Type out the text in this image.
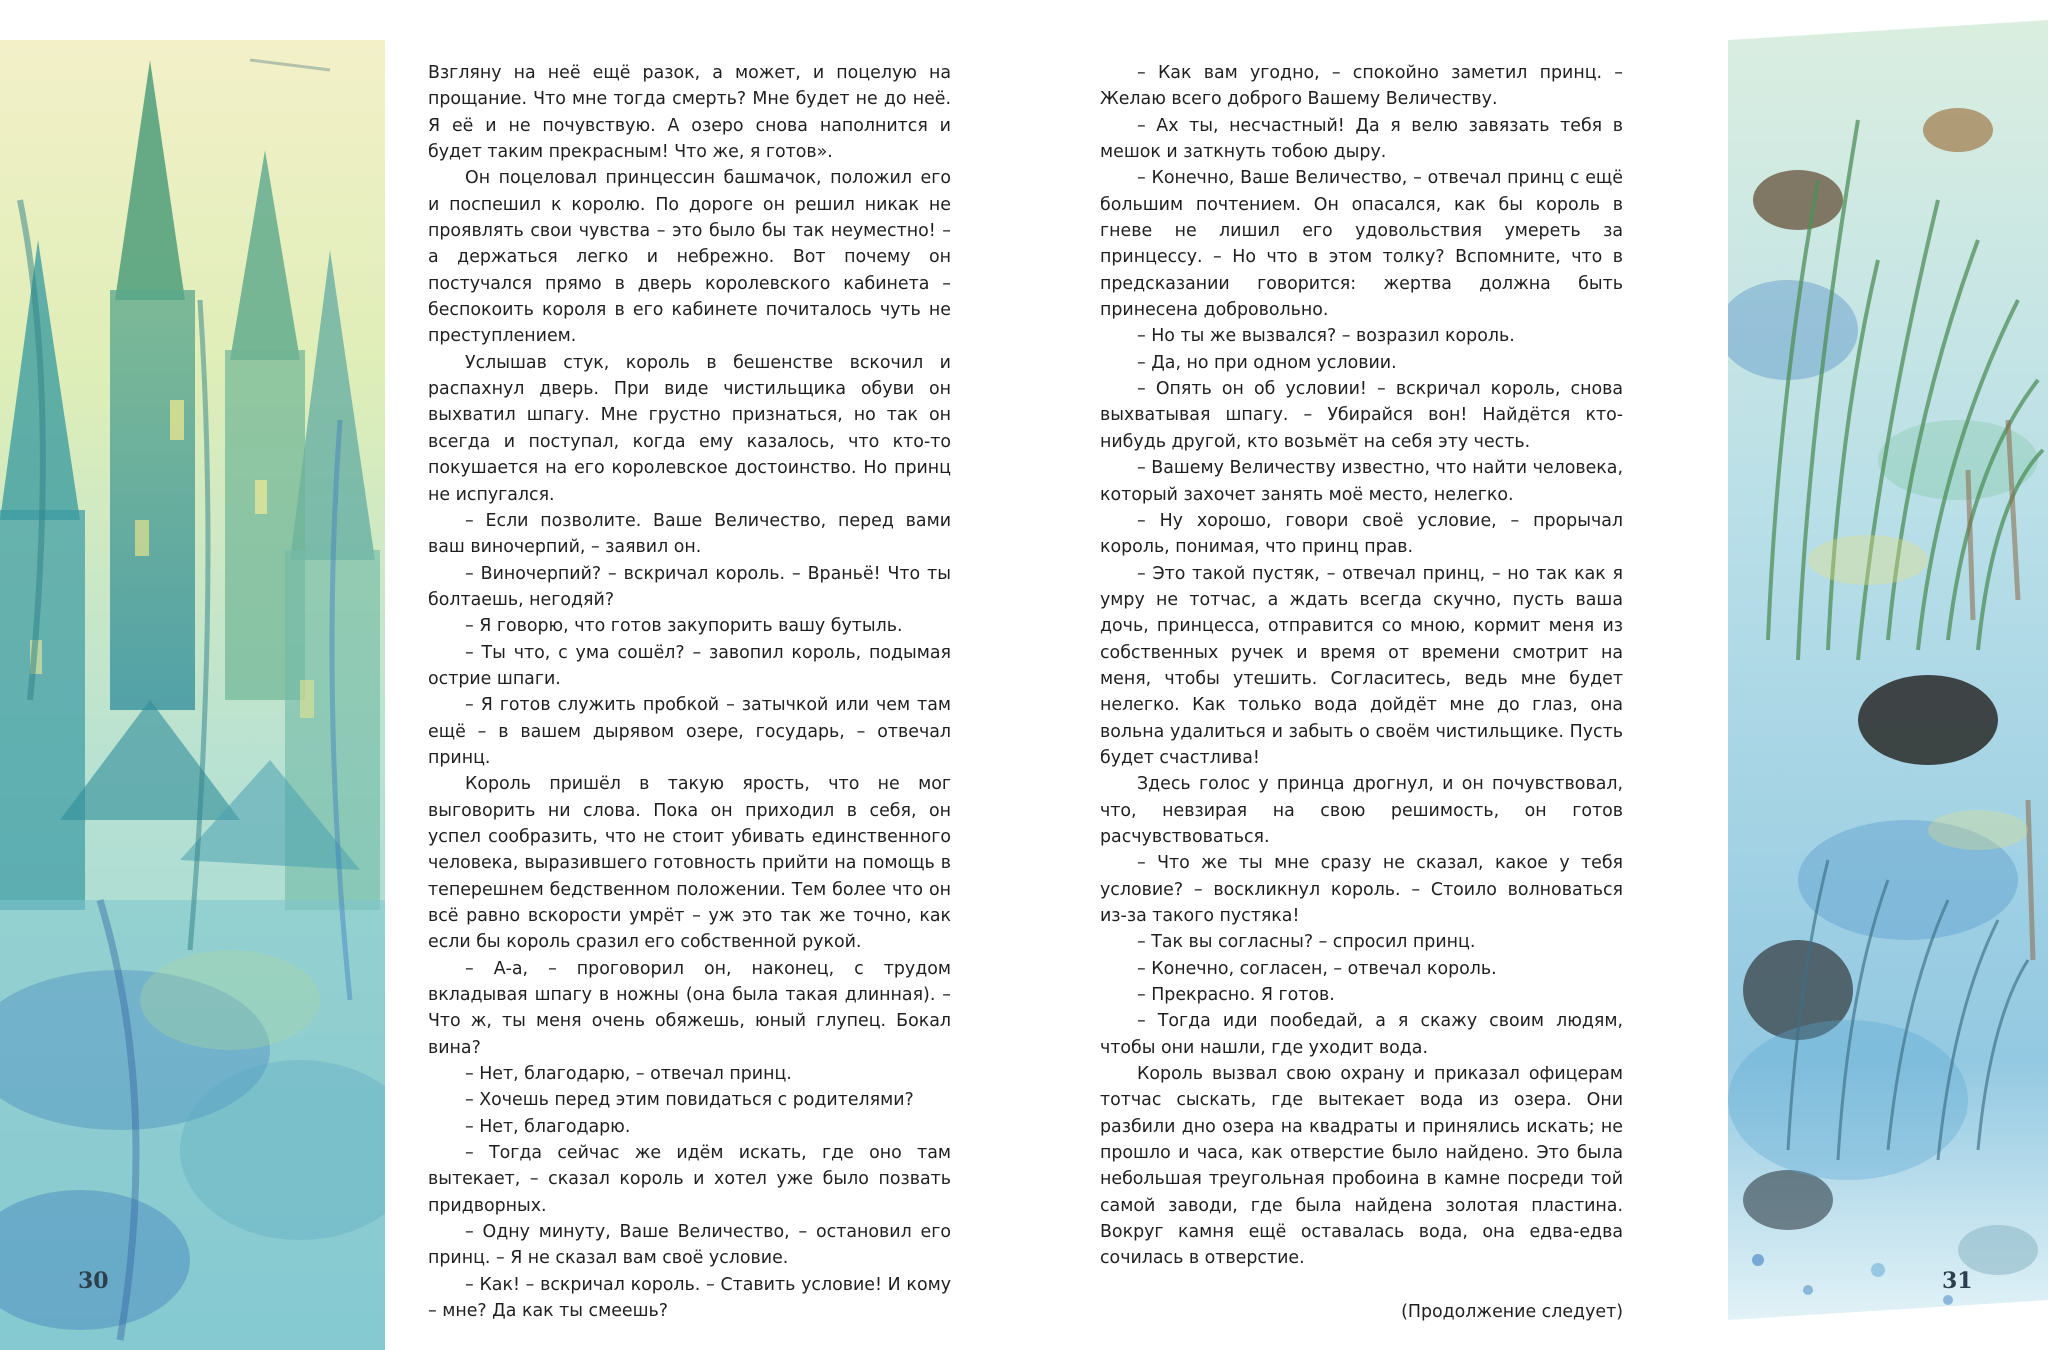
Взгляну на неё ещё разок, а может, и поцелую на прощание. Что мне тогда смерть? Мне будет не до неё. Я её и не почувствую. А озеро снова наполнится и будет таким прекрасным! Что же, я готов».

Он поцеловал принцессин башмачок, положил его и поспешил к королю. По дороге он решил никак не проявлять свои чувства – это было бы так неуместно! – а держаться легко и небрежно. Вот почему он постучался прямо в дверь королевского кабинета – беспокоить короля в его кабинете почиталось чуть не преступлением.

Услышав стук, король в бешенстве вскочил и распахнул дверь. При виде чистильщика обуви он выхватил шпагу. Мне грустно признаться, но так он всегда и поступал, когда ему казалось, что кто-то покушается на его королевское достоинство. Но принц не испугался.

– Если позволите. Ваше Величество, перед вами ваш виночерпий, – заявил он.

– Виночерпий? – вскричал король. – Враньё! Что ты болтаешь, негодяй?

– Я говорю, что готов закупорить вашу бутыль.

– Ты что, с ума сошёл? – завопил король, подымая острие шпаги.

– Я готов служить пробкой – затычкой или чем там ещё – в вашем дырявом озере, государь, – отвечал принц.

Король пришёл в такую ярость, что не мог выговорить ни слова. Пока он приходил в себя, он успел сообразить, что не стоит убивать единственного человека, выразившего готовность прийти на помощь в теперешнем бедственном положении. Тем более что он всё равно вскорости умрёт – уж это так же точно, как если бы король сразил его собственной рукой.

– А-а, – проговорил он, наконец, с трудом вкладывая шпагу в ножны (она была такая длинная). – Что ж, ты меня очень обяжешь, юный глупец. Бокал вина?

– Нет, благодарю, – отвечал принц.

– Хочешь перед этим повидаться с родителями?

– Нет, благодарю.

– Тогда сейчас же идём искать, где оно там вытекает, – сказал король и хотел уже было позвать придворных.

– Одну минуту, Ваше Величество, – остановил его принц. – Я не сказал вам своё условие.

– Как! – вскричал король. – Ставить условие! И кому – мне? Да как ты смеешь?

– Как вам угодно, – спокойно заметил принц. – Желаю всего доброго Вашему Величеству.

– Ах ты, несчастный! Да я велю завязать тебя в мешок и заткнуть тобою дыру.

– Конечно, Ваше Величество, – отвечал принц с ещё большим почтением. Он опасался, как бы король в гневе не лишил его удовольствия умереть за принцессу. – Но что в этом толку? Вспомните, что в предсказании говорится: жертва должна быть принесена добровольно.

– Но ты же вызвался? – возразил король.

– Да, но при одном условии.

– Опять он об условии! – вскричал король, снова выхватывая шпагу. – Убирайся вон! Найдётся кто-нибудь другой, кто возьмёт на себя эту честь.

– Вашему Величеству известно, что найти человека, который захочет занять моё место, нелегко.

– Ну хорошо, говори своё условие, – прорычал король, понимая, что принц прав.

– Это такой пустяк, – отвечал принц, – но так как я умру не тотчас, а ждать всегда скучно, пусть ваша дочь, принцесса, отправится со мною, кормит меня из собственных ручек и время от времени смотрит на меня, чтобы утешить. Согласитесь, ведь мне будет нелегко. Как только вода дойдёт мне до глаз, она вольна удалиться и забыть о своём чистильщике. Пусть будет счастлива!

Здесь голос у принца дрогнул, и он почувствовал, что, невзирая на свою решимость, он готов расчувствоваться.

– Что же ты мне сразу не сказал, какое у тебя условие? – воскликнул король. – Стоило волноваться из-за такого пустяка!

– Так вы согласны? – спросил принц.

– Конечно, согласен, – отвечал король.

– Прекрасно. Я готов.

– Тогда иди пообедай, а я скажу своим людям, чтобы они нашли, где уходит вода.

Король вызвал свою охрану и приказал офицерам тотчас сыскать, где вытекает вода из озера. Они разбили дно озера на квадраты и принялись искать; не прошло и часа, как отверстие было найдено. Это была небольшая треугольная пробоина в камне посреди той самой заводи, где была найдена золотая пластина. Вокруг камня ещё оставалась вода, она едва-едва сочилась в отверстие.

(Продолжение следует)

30	31
